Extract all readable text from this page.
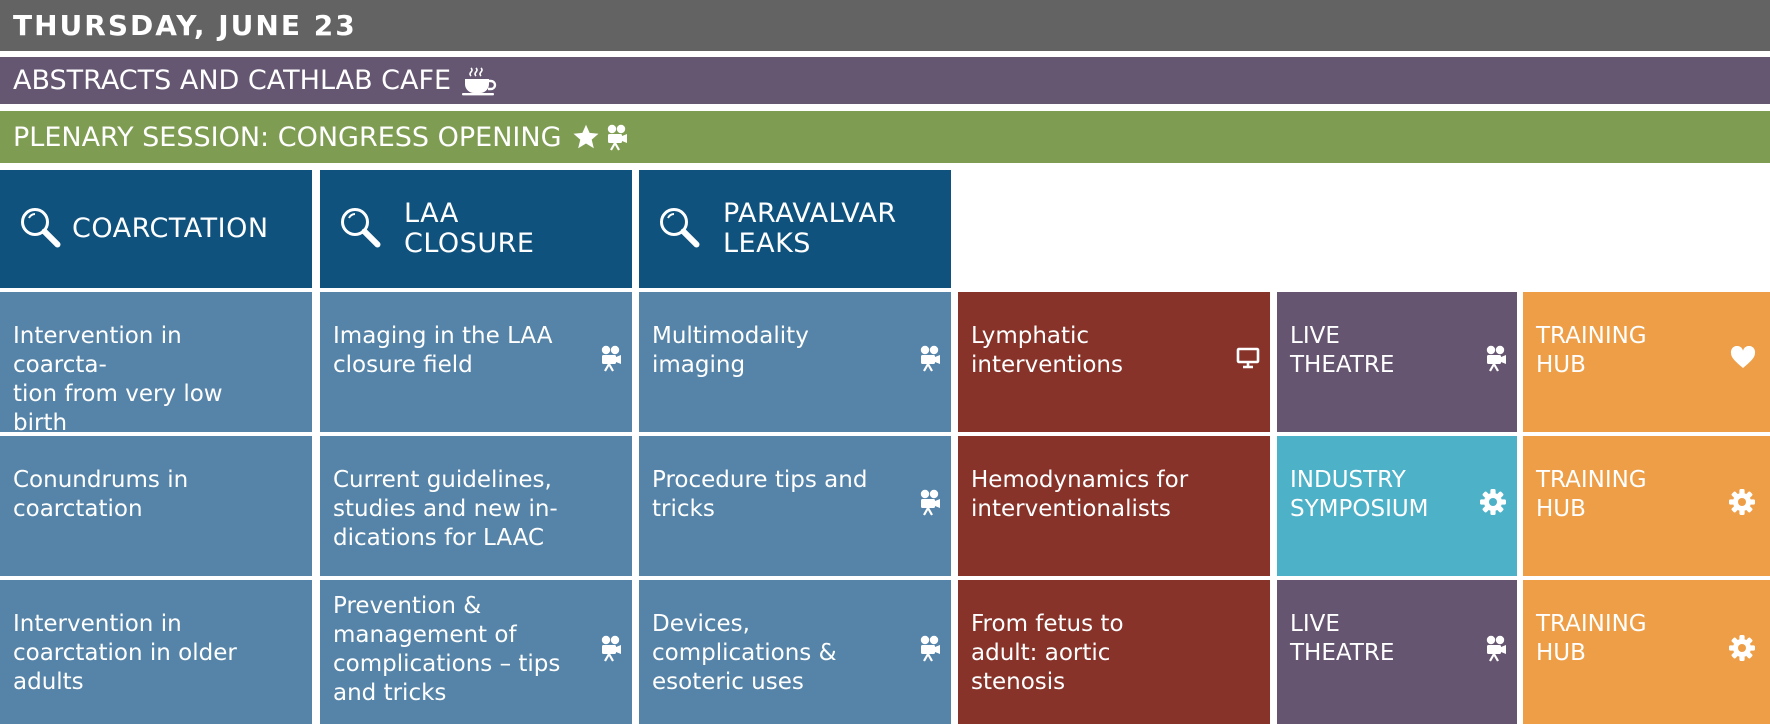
THURSDAY, JUNE 23
ABSTRACTS AND CATHLAB CAFE
PLENARY SESSION: CONGRESS OPENING
COARCTATION	LAA
CLOSURE
PARAVALVAR
LEAKS
Intervention in coarcta-
tion from very low birth
Conundrums in
coarctation
Intervention in
coarctation in older
adults
Imaging in the LAA
closure field
Current guidelines,
studies and new in-
dications for LAAC
Prevention &
management of
complications – tips
and tricks
Multimodality
imaging
Procedure tips and
tricks
Devices,
complications &
esoteric uses
Lymphatic
interventions
Hemodynamics for
interventionalists
From fetus to
adult: aortic
stenosis
LIVE
THEATRE
INDUSTRY
SYMPOSIUM
LIVE
THEATRE
TRAINING
HUB
TRAINING
HUB
TRAINING
HUB
